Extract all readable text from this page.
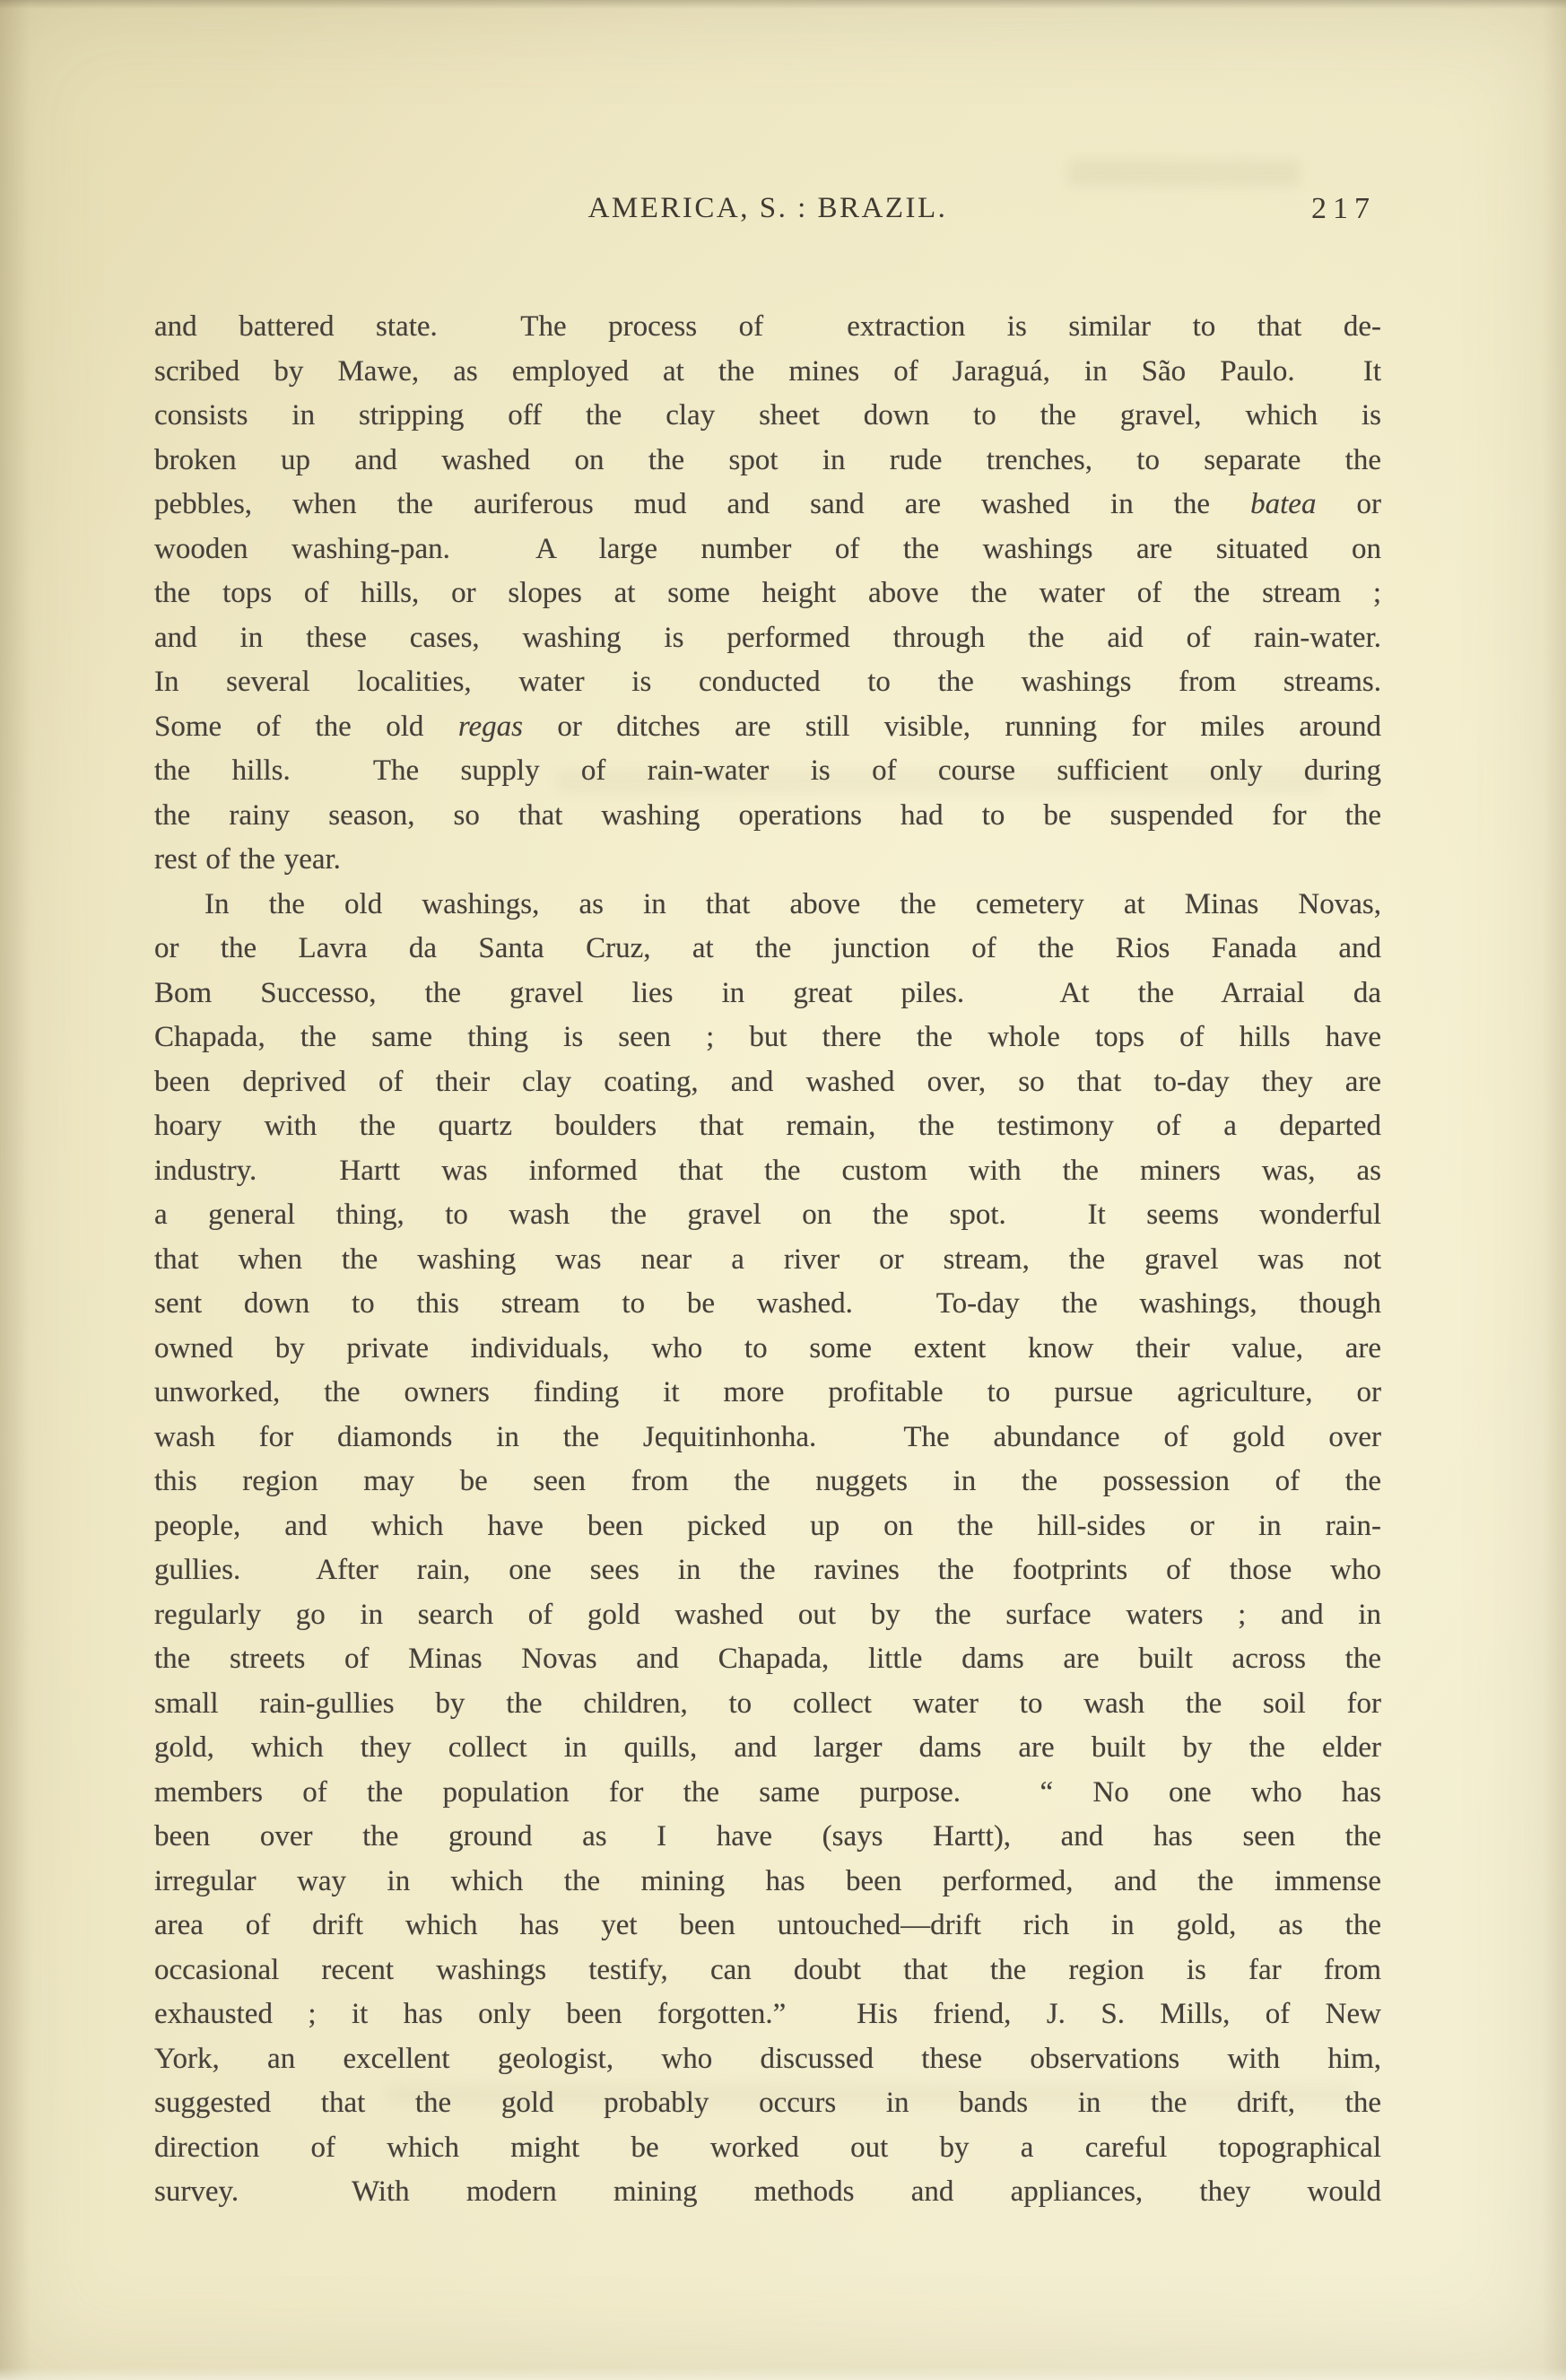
AMERICA, S. : BRAZIL.	217
and battered state.  The process of  extraction is similar to that de-
scribed by Mawe, as employed at the mines of Jaraguá, in São Paulo.  It
consists in stripping off the clay sheet down to the gravel, which is
broken up and washed on the spot in rude trenches, to separate the
pebbles, when the auriferous mud and sand are washed in the batea or
wooden washing-pan.  A large number of the washings are situated on
the tops of hills, or slopes at some height above the water of the stream ;
and in these cases, washing is performed through the aid of rain-water.
In several localities, water is conducted to the washings from streams.
Some of the old regas or ditches are still visible, running for miles around
the hills.  The supply of rain-water is of course sufficient only during
the rainy season, so that washing operations had to be suspended for the
rest of the year.
In the old washings, as in that above the cemetery at Minas Novas,
or the Lavra da Santa Cruz, at the junction of the Rios Fanada and
Bom Successo, the gravel lies in great piles.  At the Arraial da
Chapada, the same thing is seen ; but there the whole tops of hills have
been deprived of their clay coating, and washed over, so that to-day they are
hoary with the quartz boulders that remain, the testimony of a departed
industry.  Hartt was informed that the custom with the miners was, as
a general thing, to wash the gravel on the spot.  It seems wonderful
that when the washing was near a river or stream, the gravel was not
sent down to this stream to be washed.  To-day the washings, though
owned by private individuals, who to some extent know their value, are
unworked, the owners finding it more profitable to pursue agriculture, or
wash for diamonds in the Jequitinhonha.  The abundance of gold over
this region may be seen from the nuggets in the possession of the
people, and which have been picked up on the hill-sides or in rain-
gullies.  After rain, one sees in the ravines the footprints of those who
regularly go in search of gold washed out by the surface waters ; and in
the streets of Minas Novas and Chapada, little dams are built across the
small rain-gullies by the children, to collect water to wash the soil for
gold, which they collect in quills, and larger dams are built by the elder
members of the population for the same purpose.  “ No one who has
been over the ground as I have (says Hartt), and has seen the
irregular way in which the mining has been performed, and the immense
area of drift which has yet been untouched—drift rich in gold, as the
occasional recent washings testify, can doubt that the region is far from
exhausted ; it has only been forgotten.”  His friend, J. S. Mills, of New
York, an excellent geologist, who discussed these observations with him,
suggested that the gold probably occurs in bands in the drift, the
direction of which might be worked out by a careful topographical
survey.  With modern mining methods and appliances, they would
